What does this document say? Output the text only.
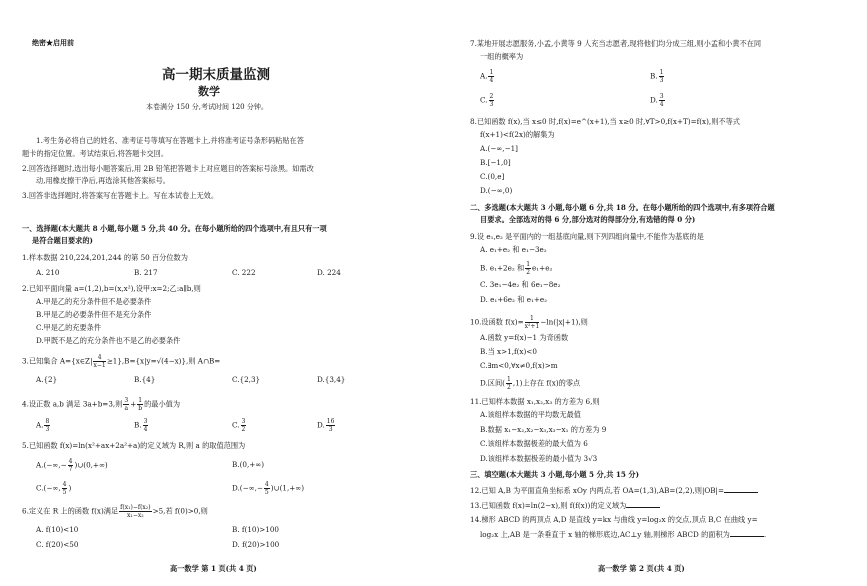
绝密★启用前
高一期末质量监测
数学
本卷满分 150 分,考试时间 120 分钟。
1.考生务必将自己的姓名、准考证号等填写在答题卡上,并将准考证号条形码粘贴在答
题卡的指定位置。考试结束后,将答题卡交回。
2.回答选择题时,选出每小题答案后,用 2B 铅笔把答题卡上对应题目的答案标号涂黑。如需改
动,用橡皮擦干净后,再选涂其他答案标号。
3.回答非选择题时,将答案写在答题卡上。写在本试卷上无效。
一、选择题(本大题共 8 小题,每小题 5 分,共 40 分。在每小题所给的四个选项中,有且只有一项
是符合题目要求的)
1.样本数据 210,224,201,244 的第 50 百分位数为
A. 210	B. 217	C. 222	D. 224
2.已知平面向量 a=(1,2),b=(x,x²),设甲:x=2;乙:a∥b,则
A.甲是乙的充分条件但不是必要条件
B.甲是乙的必要条件但不是充分条件
C.甲是乙的充要条件
D.甲既不是乙的充分条件也不是乙的必要条件
3.已知集合 A={x∈Z| $\frac{4}{x-1} \ge 1\},B=\{x|y=√(4-x)\}$,则 A∩B=
A.{2}	B.{4}	C.{2,3}	D.{3,4}
4.设正数 a,b 满足 3a+b=3,则 $\frac{3}{a} + \frac{1}{b}$ 的最小值为
A. $\frac{8}{3}$	B. $\frac{3}{4}$	C. $\frac{3}{2}$	D. $\frac{16}{3}$
5.已知函数 f(x)=ln(x²+ax+2a²+a)的定义域为 R,则 a 的取值范围为
$A.(-\infty,- \frac{4}{7}$ )∪(0,+∞)	B.(0,+∞)
C.(−∞, $\frac{4}{5}$ )	$D.(-\infty,- \frac{4}{5}$ )∪(1,+∞)
6.定义在 R 上的函数 f(x)满足 $\frac{\text{f(x₁)−f(x₂)}}{\text{x₁−x₂}} >5$,若 f(0)>0,则
A. f(10)<10	B. f(10)>100
C. f(20)<50	D. f(20)>100
高一数学 第 1 页(共 4 页)
7.某地开展志愿服务,小孟,小黄等 9 人充当志愿者,现将他们均分成三组,则小孟和小黄不在同
一组的概率为
A. $\frac{1}{4}$	B. $\frac{1}{3}$
C. $\frac{2}{3}$	D. $\frac{3}{4}$
8.已知函数 f(x),当 x≤0 时,f(x)=e^(x+1),当 x≥0 时,∀T>0,f(x+T)=f(x),则不等式
f(x+1)<f(2x)的解集为
A.(−∞,−1]
B.[−1,0]
C.(0,e]
D.(−∞,0)
二、多选题(本大题共 3 小题,每小题 6 分,共 18 分。在每小题所给的四个选项中,有多项符合题
目要求。全部选对的得 6 分,部分选对的得部分分,有选错的得 0 分)
9.设 e₁,e₂ 是平面内的一组基底向量,则下列四组向量中,不能作为基底的是
A. e₁+e₂ 和 e₁−3e₂
B. e₁+2e₂ 和 $\frac{1}{2} e_1+e_2$
C. 3e₁−4e₂ 和 6e₁−8e₂
D. e₁+6e₂ 和 e₁+e₂
10.设函数 $f(x)= \frac{1}{\text{x²+1}} -\ln(|x|+1)$,则
A.函数 y=f(x)−1 为奇函数
B.当 x>1,f(x)<0
C.∃m<0,∀x≠0,f(x)>m
D.区间( $\frac{1}{2} ,1$)上存在 f(x)的零点
11.已知样本数据 x₁,x₂,x₃ 的方差为 6,则
A.该组样本数据的平均数无最值
B.数据 x₁−x₂,x₂−x₃,x₃−x₁ 的方差为 9
C.该组样本数据极差的最大值为 6
D.该组样本数据极差的最小值为 3√3
三、填空题(本大题共 3 小题,每小题 5 分,共 15 分)
12.已知 A,B 为平面直角坐标系 xOy 内两点,若 OA=(1,3),AB=(2,2),则|OB|=
13.已知函数 f(x)=ln(2−x),则 f(f(x))的定义域为
14.梯形 ABCD 的两顶点 A,D 是直线 y=kx 与曲线 y=log₂x 的交点,顶点 B,C 在曲线 y=
log₂x 上,AB 是一条垂直于 x 轴的梯形底边,AC⊥y 轴,则梯形 ABCD 的面积为	.
高一数学 第 2 页(共 4 页)
